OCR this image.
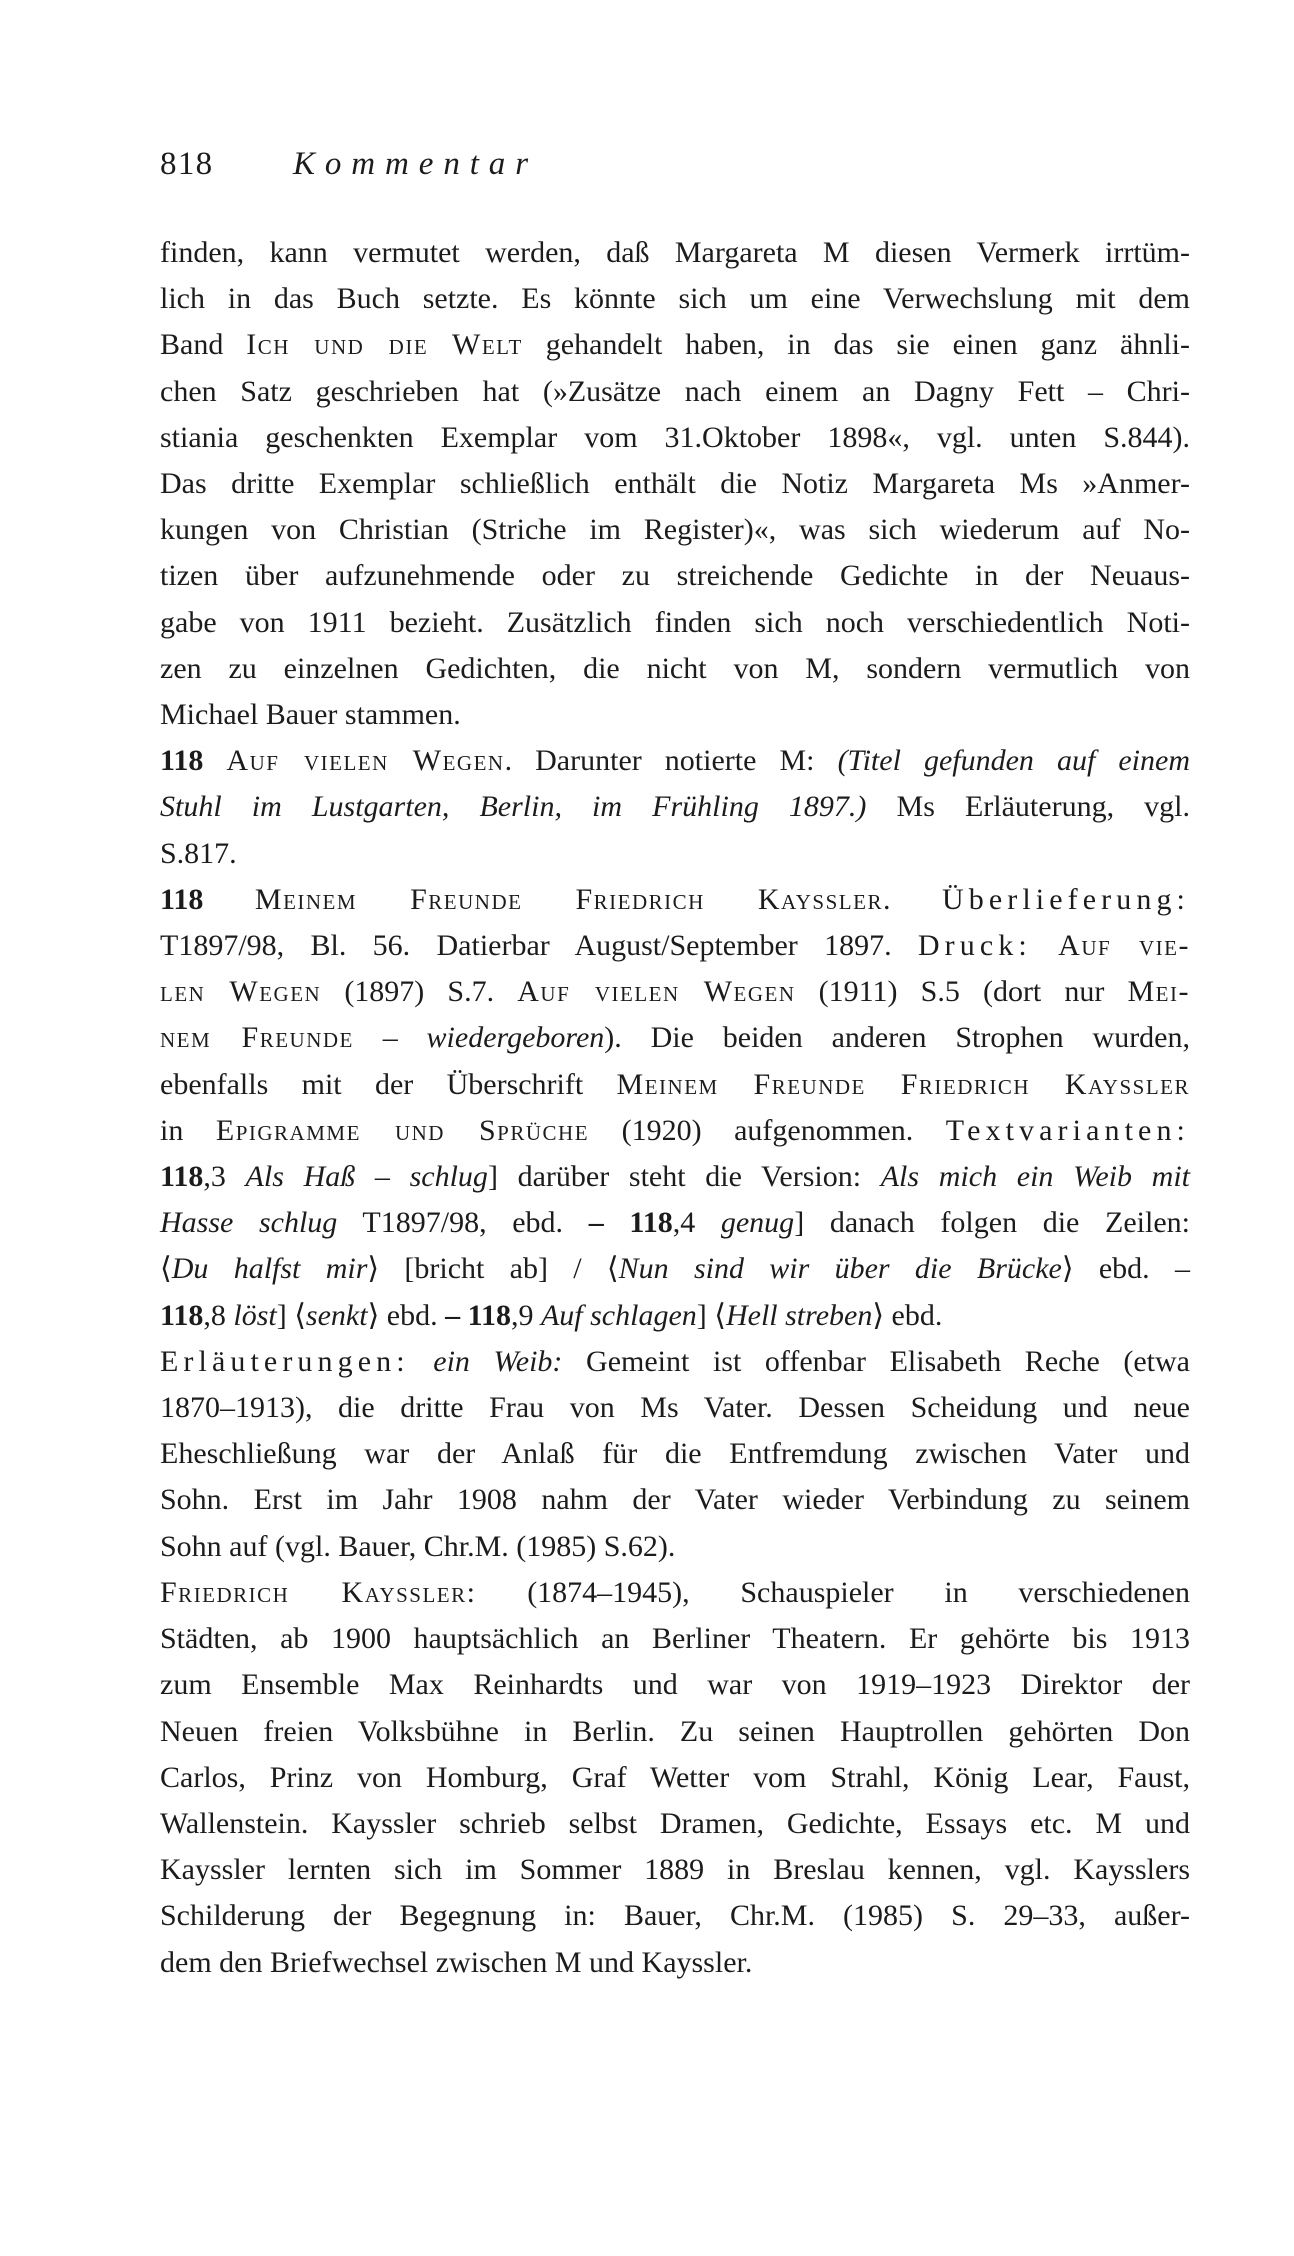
818 Kommentar
finden, kann vermutet werden, daß Margareta M diesen Vermerk irrtüm-
lich in das Buch setzte. Es könnte sich um eine Verwechslung mit dem
Band Ich und die Welt gehandelt haben, in das sie einen ganz ähnli-
chen Satz geschrieben hat (»Zusätze nach einem an Dagny Fett – Chri-
stiania geschenkten Exemplar vom 31.Oktober 1898«, vgl. unten S.844).
Das dritte Exemplar schließlich enthält die Notiz Margareta Ms »Anmer-
kungen von Christian (Striche im Register)«, was sich wiederum auf No-
tizen über aufzunehmende oder zu streichende Gedichte in der Neuaus-
gabe von 1911 bezieht. Zusätzlich finden sich noch verschiedentlich Noti-
zen zu einzelnen Gedichten, die nicht von M, sondern vermutlich von
Michael Bauer stammen.
118 Auf vielen Wegen. Darunter notierte M: (Titel gefunden auf einem
Stuhl im Lustgarten, Berlin, im Frühling 1897.) Ms Erläuterung, vgl.
S.817.
118 Meinem Freunde Friedrich Kayssler. Überlieferung:
T1897/98, Bl. 56. Datierbar August/September 1897. Druck: Auf vie-
len Wegen (1897) S.7. Auf vielen Wegen (1911) S.5 (dort nur Mei-
nem Freunde – wiedergeboren). Die beiden anderen Strophen wurden,
ebenfalls mit der Überschrift Meinem Freunde Friedrich Kayssler
in Epigramme und Sprüche (1920) aufgenommen. Textvarianten:
118,3 Als Haß – schlug] darüber steht die Version: Als mich ein Weib mit
Hasse schlug T1897/98, ebd. – 118,4 genug] danach folgen die Zeilen:
⟨Du halfst mir⟩ [bricht ab] / ⟨Nun sind wir über die Brücke⟩ ebd. –
118,8 löst] ⟨senkt⟩ ebd. – 118,9 Auf schlagen] ⟨Hell streben⟩ ebd.
Erläuterungen: ein Weib: Gemeint ist offenbar Elisabeth Reche (etwa
1870–1913), die dritte Frau von Ms Vater. Dessen Scheidung und neue
Eheschließung war der Anlaß für die Entfremdung zwischen Vater und
Sohn. Erst im Jahr 1908 nahm der Vater wieder Verbindung zu seinem
Sohn auf (vgl. Bauer, Chr.M. (1985) S.62).
Friedrich Kayssler: (1874–1945), Schauspieler in verschiedenen
Städten, ab 1900 hauptsächlich an Berliner Theatern. Er gehörte bis 1913
zum Ensemble Max Reinhardts und war von 1919–1923 Direktor der
Neuen freien Volksbühne in Berlin. Zu seinen Hauptrollen gehörten Don
Carlos, Prinz von Homburg, Graf Wetter vom Strahl, König Lear, Faust,
Wallenstein. Kayssler schrieb selbst Dramen, Gedichte, Essays etc. M und
Kayssler lernten sich im Sommer 1889 in Breslau kennen, vgl. Kaysslers
Schilderung der Begegnung in: Bauer, Chr.M. (1985) S. 29–33, außer-
dem den Briefwechsel zwischen M und Kayssler.
